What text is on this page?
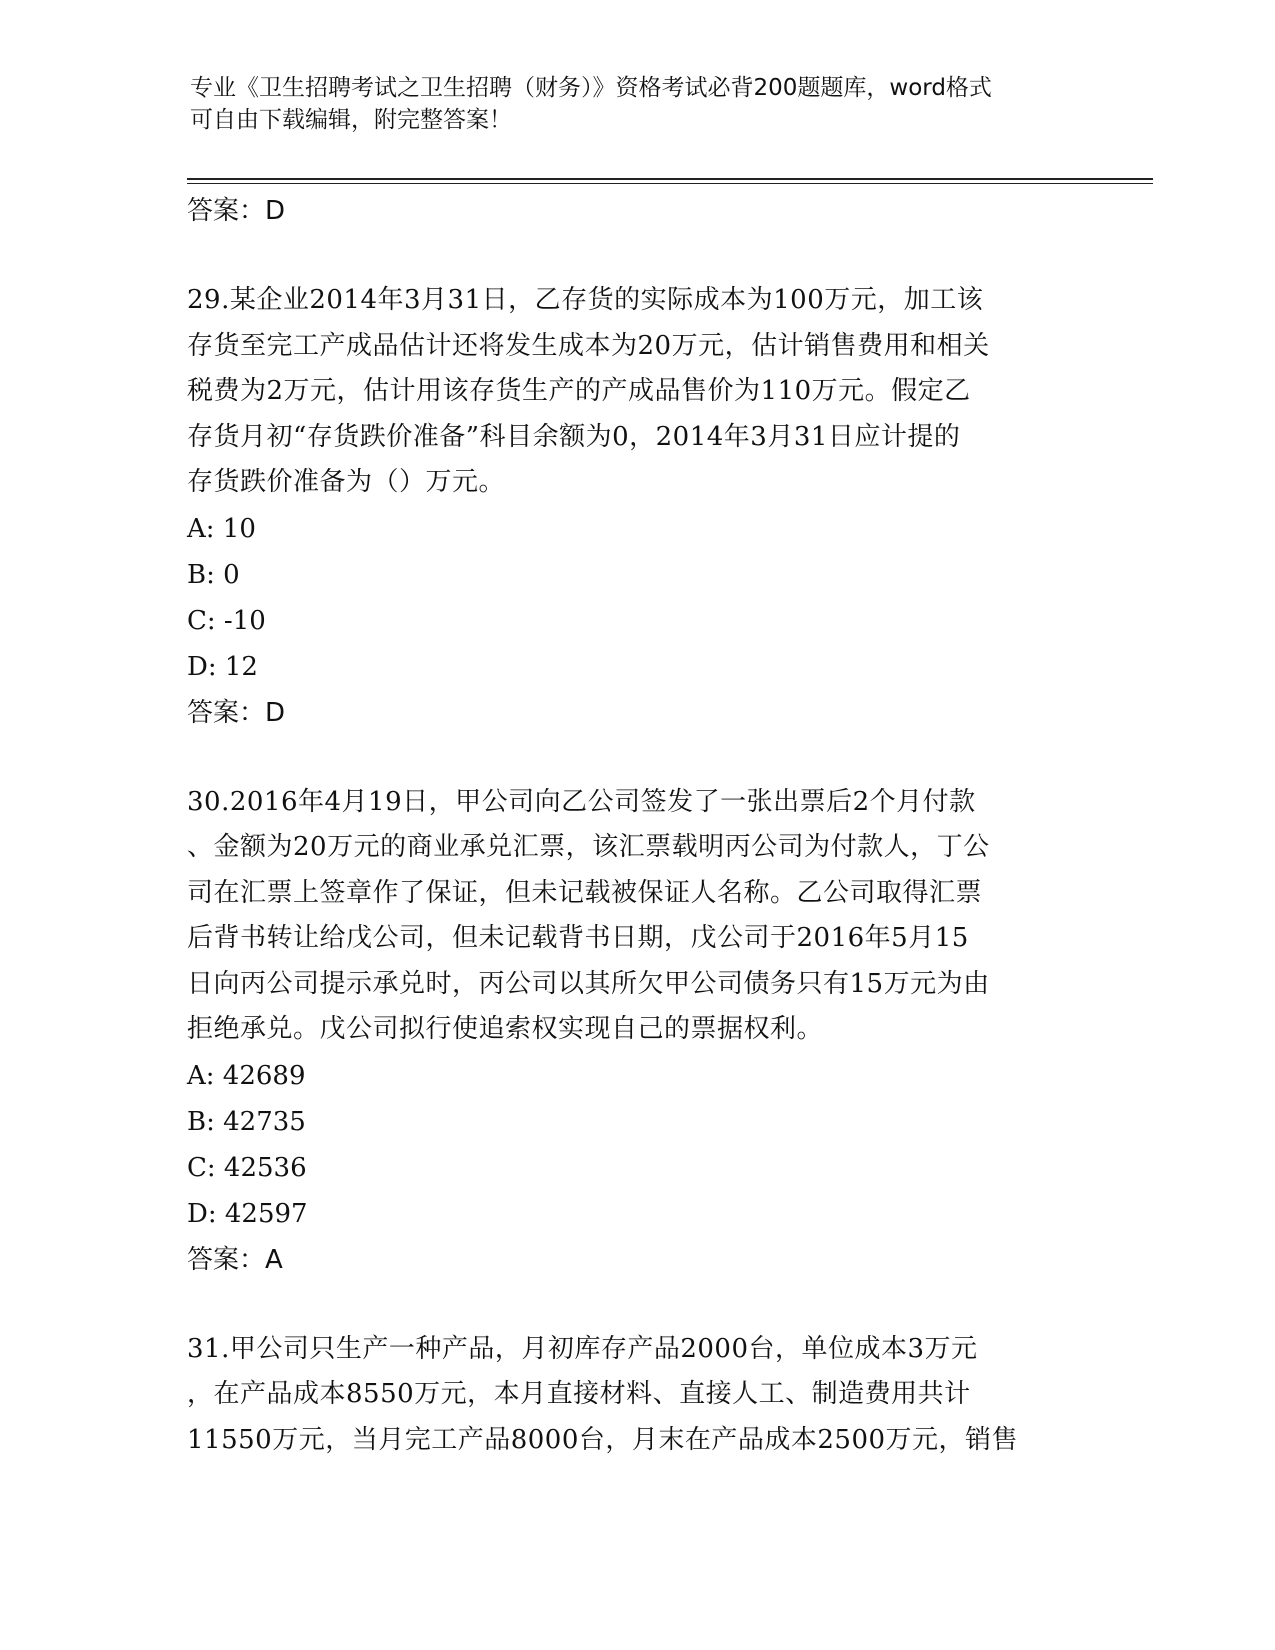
专业《卫生招聘考试之卫生招聘（财务）》资格考试必背200题题库，word格式
可自由下载编辑，附完整答案！
答案：D

29.某企业2014年3月31日，乙存货的实际成本为100万元，加工该
存货至完工产成品估计还将发生成本为20万元，估计销售费用和相关
税费为2万元，估计用该存货生产的产成品售价为110万元。假定乙
存货月初“存货跌价准备”科目余额为0，2014年3月31日应计提的
存货跌价准备为（）万元。

A: 10
B: 0
C: -10
D: 12
答案：D

30.2016年4月19日，甲公司向乙公司签发了一张出票后2个月付款
、金额为20万元的商业承兑汇票，该汇票载明丙公司为付款人，丁公
司在汇票上签章作了保证，但未记载被保证人名称。乙公司取得汇票
后背书转让给戊公司，但未记载背书日期，戊公司于2016年5月15
日向丙公司提示承兑时，丙公司以其所欠甲公司债务只有15万元为由
拒绝承兑。戊公司拟行使追索权实现自己的票据权利。

A: 42689
B: 42735
C: 42536
D: 42597
答案：A

31.甲公司只生产一种产品，月初库存产品2000台，单位成本3万元
，在产品成本8550万元，本月直接材料、直接人工、制造费用共计
11550万元，当月完工产品8000台，月末在产品成本2500万元，销售
